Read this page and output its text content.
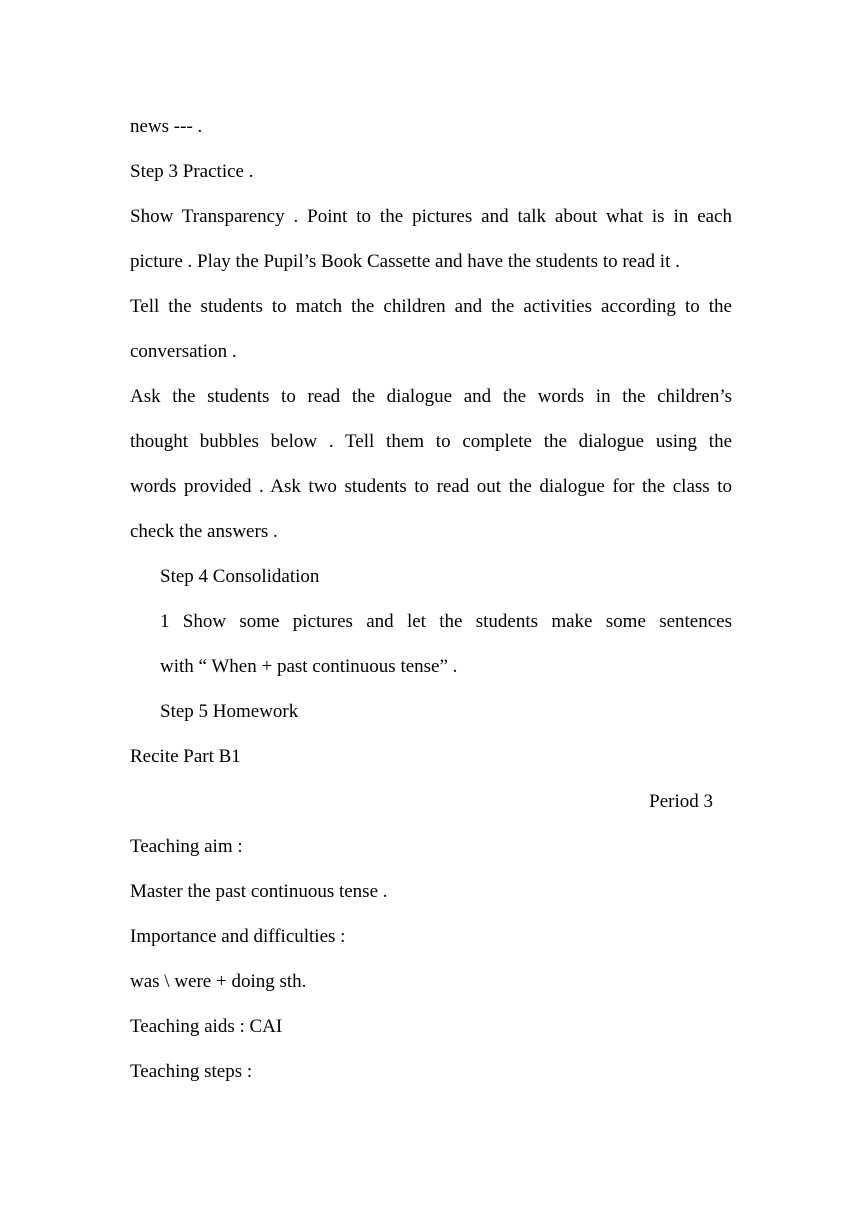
news --- .
Step 3 Practice .
Show Transparency . Point to the pictures and talk about what is in each
picture . Play the Pupil’s Book Cassette and have the students to read it .
Tell the students to match the children and the activities according to the
conversation .
Ask the students to read the dialogue and the words in the children’s
thought bubbles below . Tell them to complete the dialogue using the
words provided . Ask two students to read out the dialogue for the class to
check the answers .
Step 4 Consolidation
1 Show some pictures and let the students make some sentences
with “ When + past continuous tense” .
Step 5 Homework
Recite Part B1
Period 3
Teaching aim :
Master the past continuous tense .
Importance and difficulties :
was \ were + doing sth.
Teaching aids : CAI
Teaching steps :
